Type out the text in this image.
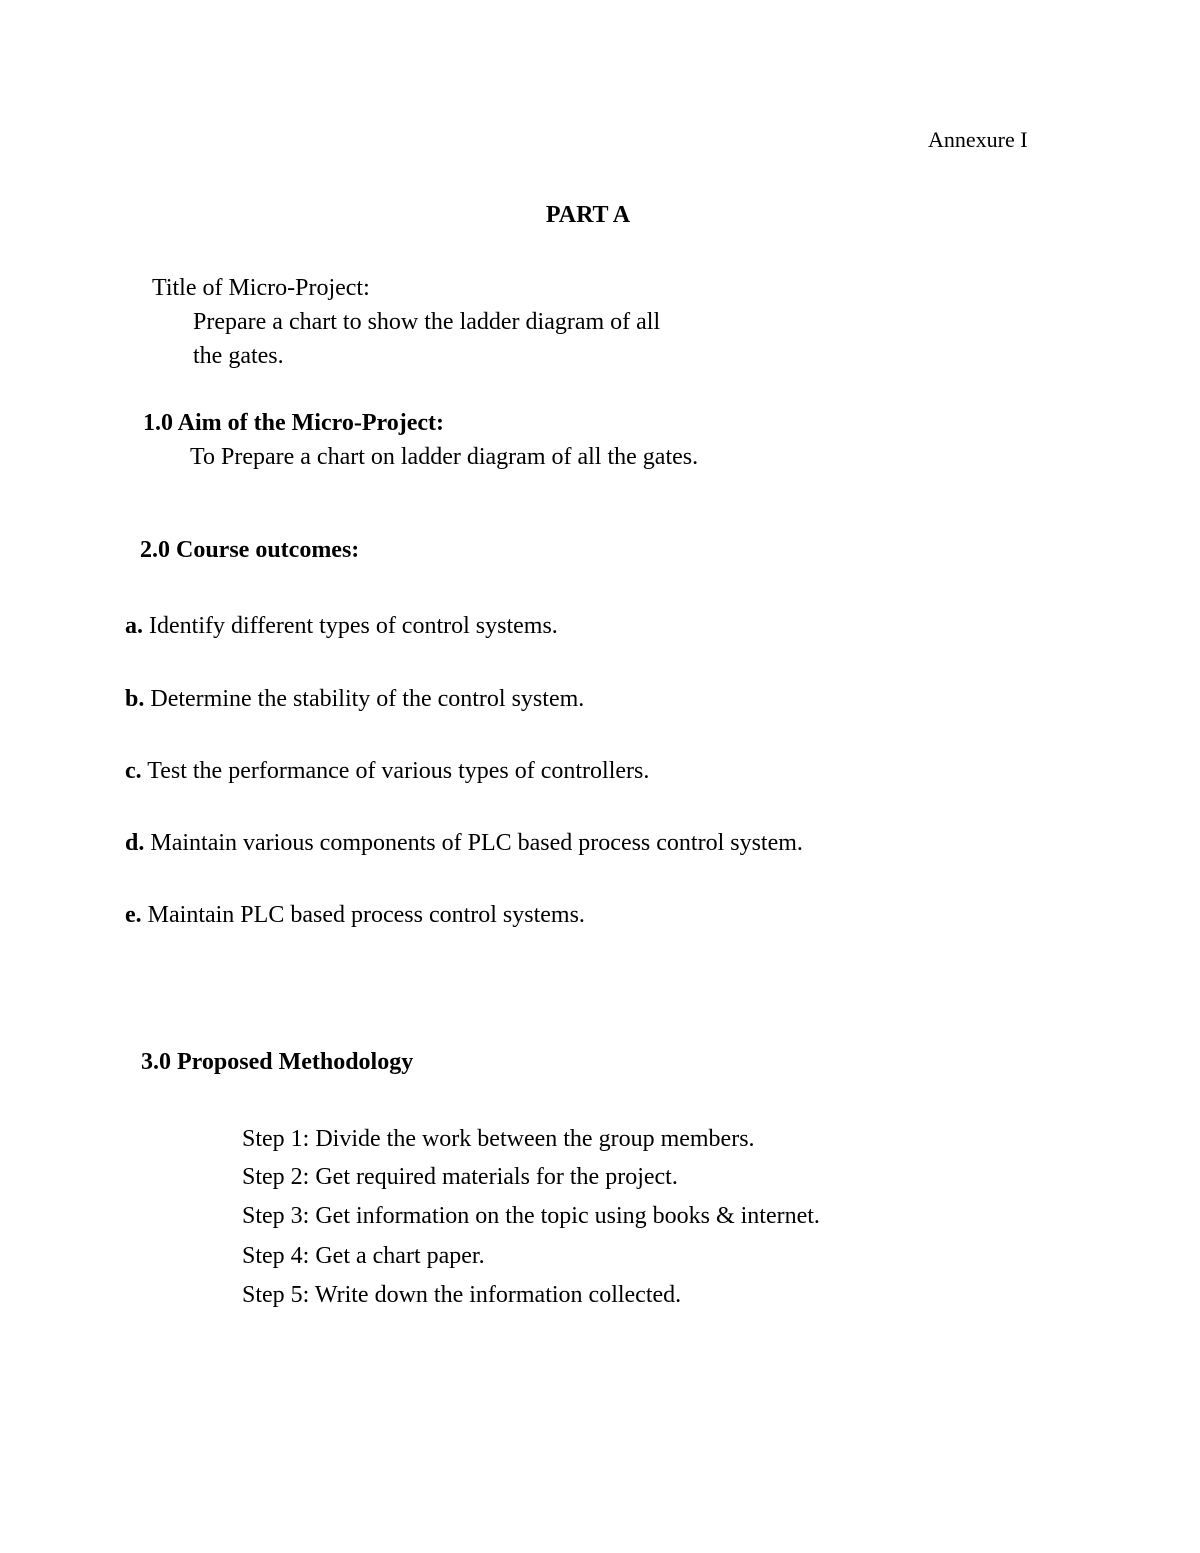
Annexure I
PART A
Title of Micro-Project:
Prepare a chart to show the ladder diagram of all
the gates.
1.0 Aim of the Micro-Project:
To Prepare a chart on ladder diagram of all the gates.
2.0 Course outcomes:
a. Identify different types of control systems.
b. Determine the stability of the control system.
c. Test the performance of various types of controllers.
d. Maintain various components of PLC based process control system.
e. Maintain PLC based process control systems.
3.0 Proposed Methodology
Step 1: Divide the work between the group members.
Step 2: Get required materials for the project.
Step 3: Get information on the topic using books & internet.
Step 4: Get a chart paper.
Step 5: Write down the information collected.
